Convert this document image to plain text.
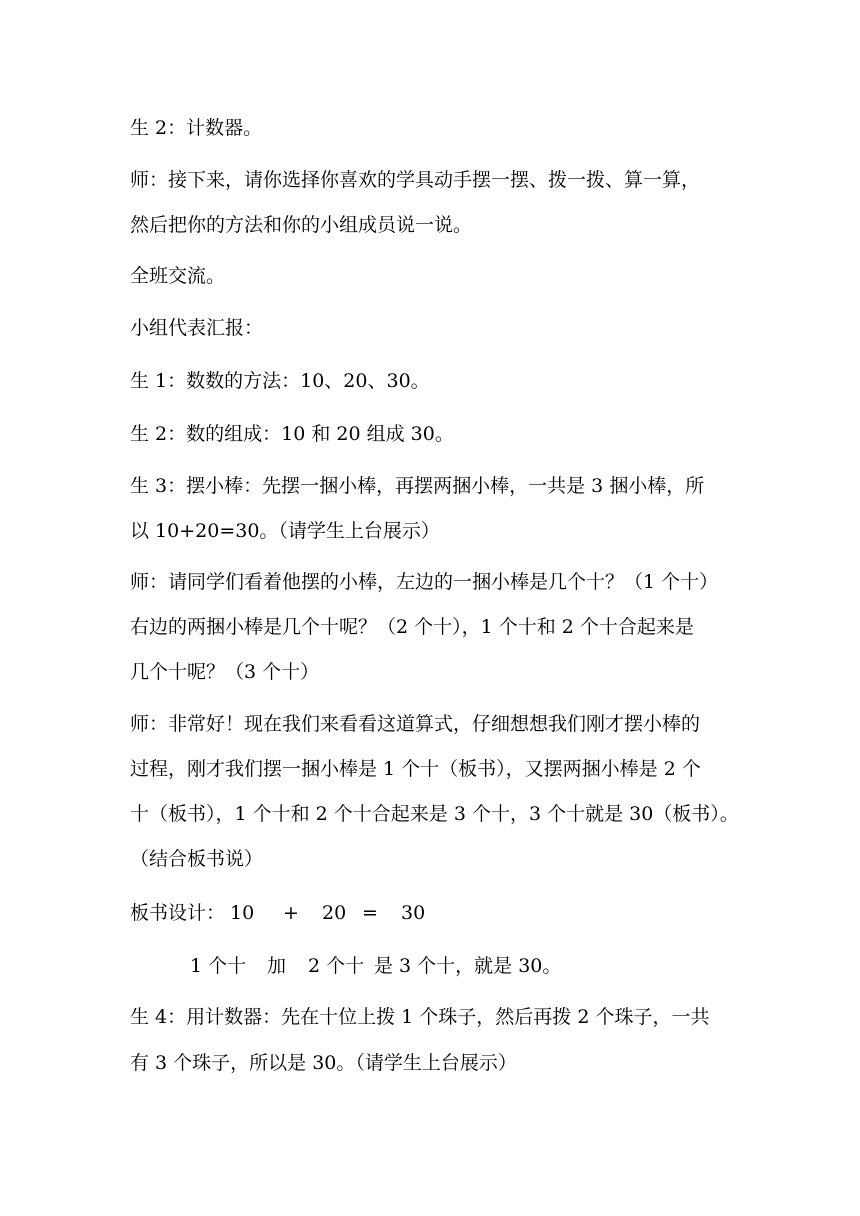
生 2：计数器。
师：接下来，请你选择你喜欢的学具动手摆一摆、拨一拨、算一算，
然后把你的方法和你的小组成员说一说。
全班交流。
小组代表汇报：
生 1：数数的方法：10、20、30。
生 2：数的组成：10 和 20 组成 30。
生 3：摆小棒：先摆一捆小棒，再摆两捆小棒，一共是 3 捆小棒，所
以 10+20=30。（请学生上台展示）
师：请同学们看着他摆的小棒，左边的一捆小棒是几个十？（1 个十）
右边的两捆小棒是几个十呢？（2 个十），1 个十和 2 个十合起来是
几个十呢？（3 个十）
师：非常好！现在我们来看看这道算式，仔细想想我们刚才摆小棒的
过程，刚才我们摆一捆小棒是 1 个十（板书），又摆两捆小棒是 2 个
十（板书），1 个十和 2 个十合起来是 3 个十，3 个十就是 30（板书）。
（结合板书说）
板书设计： 10 + 20 = 30
1 个十 加 2 个十 是 3 个十，就是 30。
生 4：用计数器：先在十位上拨 1 个珠子，然后再拨 2 个珠子，一共
有 3 个珠子，所以是 30。（请学生上台展示）
